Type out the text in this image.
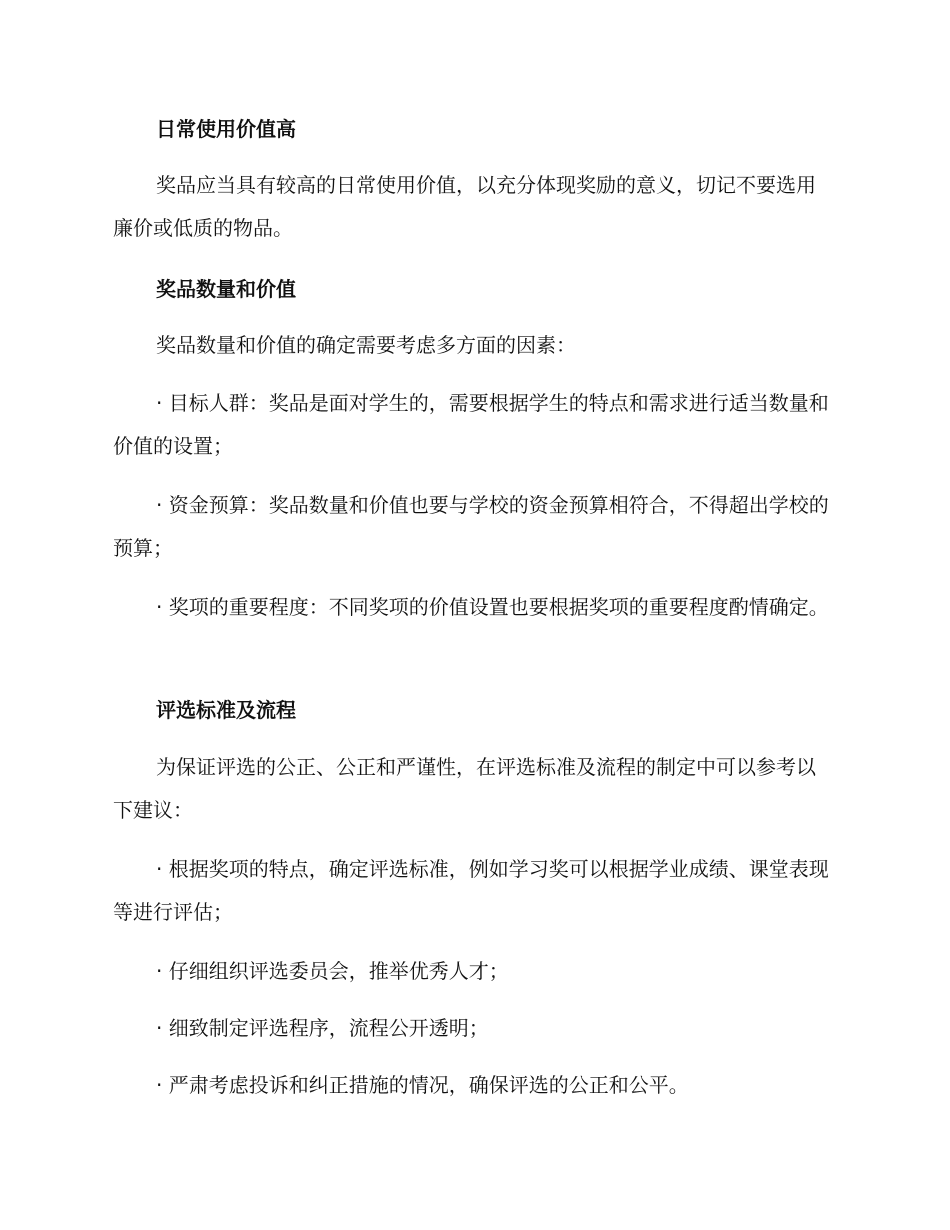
日常使用价值高

奖品应当具有较高的日常使用价值，以充分体现奖励的意义，切记不要选用廉价或低质的物品。

奖品数量和价值

奖品数量和价值的确定需要考虑多方面的因素：

· 目标人群：奖品是面对学生的，需要根据学生的特点和需求进行适当数量和价值的设置；

· 资金预算：奖品数量和价值也要与学校的资金预算相符合，不得超出学校的预算；

· 奖项的重要程度：不同奖项的价值设置也要根据奖项的重要程度酌情确定。

评选标准及流程

为保证评选的公正、公正和严谨性，在评选标准及流程的制定中可以参考以下建议：

· 根据奖项的特点，确定评选标准，例如学习奖可以根据学业成绩、课堂表现等进行评估；

· 仔细组织评选委员会，推举优秀人才；

· 细致制定评选程序，流程公开透明；

· 严肃考虑投诉和纠正措施的情况，确保评选的公正和公平。
